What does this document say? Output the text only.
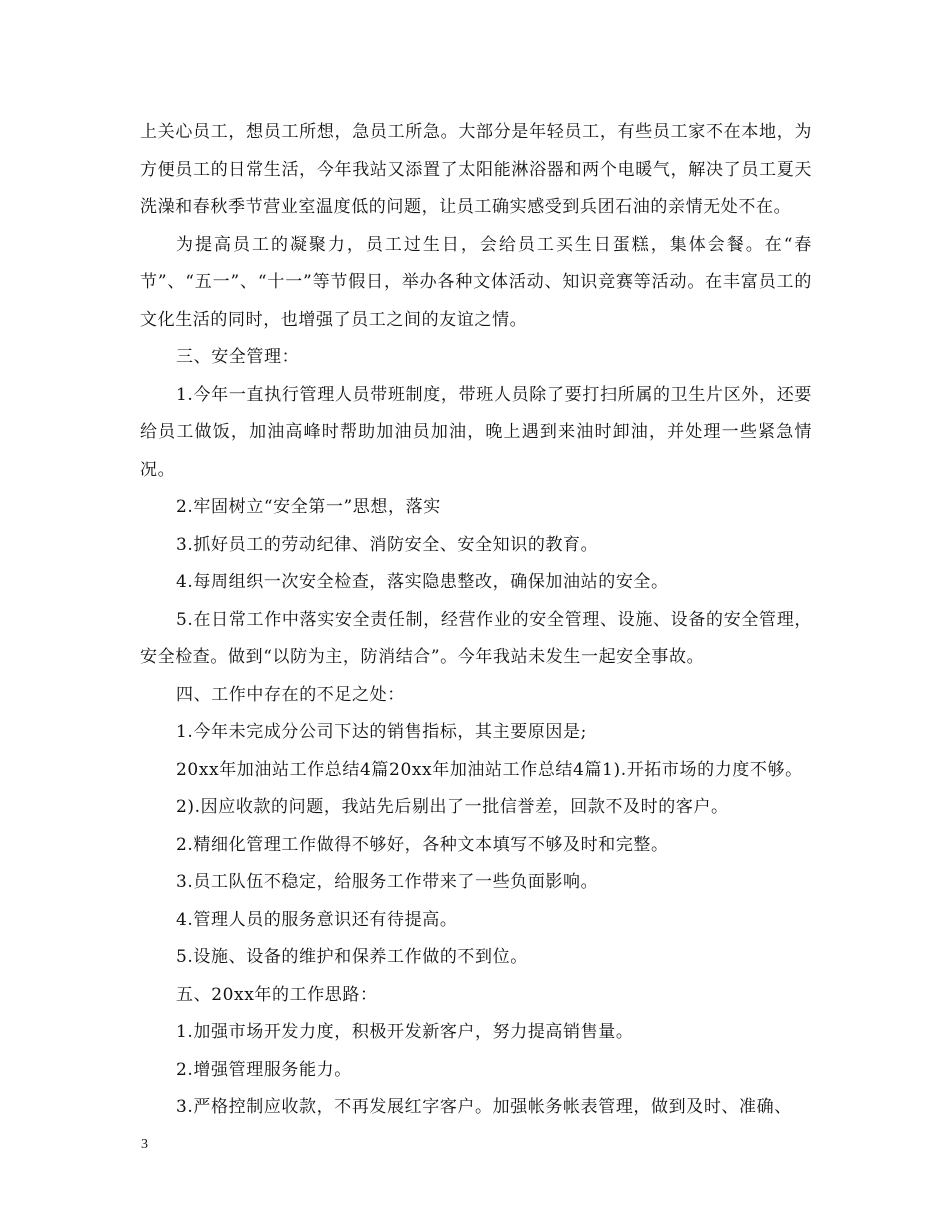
上关心员工，想员工所想，急员工所急。大部分是年轻员工，有些员工家不在本地，为方便员工的日常生活，今年我站又添置了太阳能淋浴器和两个电暖气，解决了员工夏天洗澡和春秋季节营业室温度低的问题，让员工确实感受到兵团石油的亲情无处不在。

为提高员工的凝聚力，员工过生日，会给员工买生日蛋糕，集体会餐。在“春节”、“五一”、“十一”等节假日，举办各种文体活动、知识竞赛等活动。在丰富员工的文化生活的同时，也增强了员工之间的友谊之情。

三、安全管理：

1.今年一直执行管理人员带班制度，带班人员除了要打扫所属的卫生片区外，还要给员工做饭，加油高峰时帮助加油员加油，晚上遇到来油时卸油，并处理一些紧急情况。

2.牢固树立“安全第一”思想，落实

3.抓好员工的劳动纪律、消防安全、安全知识的教育。

4.每周组织一次安全检查，落实隐患整改，确保加油站的安全。

5.在日常工作中落实安全责任制，经营作业的安全管理、设施、设备的安全管理，安全检查。做到“以防为主，防消结合”。今年我站未发生一起安全事故。

四、工作中存在的不足之处：

1.今年未完成分公司下达的销售指标，其主要原因是;

20xx年加油站工作总结4篇20xx年加油站工作总结4篇1).开拓市场的力度不够。

2).因应收款的问题，我站先后剔出了一批信誉差，回款不及时的客户。

2.精细化管理工作做得不够好，各种文本填写不够及时和完整。

3.员工队伍不稳定，给服务工作带来了一些负面影响。

4.管理人员的服务意识还有待提高。

5.设施、设备的维护和保养工作做的不到位。

五、20xx年的工作思路：

1.加强市场开发力度，积极开发新客户，努力提高销售量。

2.增强管理服务能力。

3.严格控制应收款，不再发展红字客户。加强帐务帐表管理，做到及时、准确、

3
